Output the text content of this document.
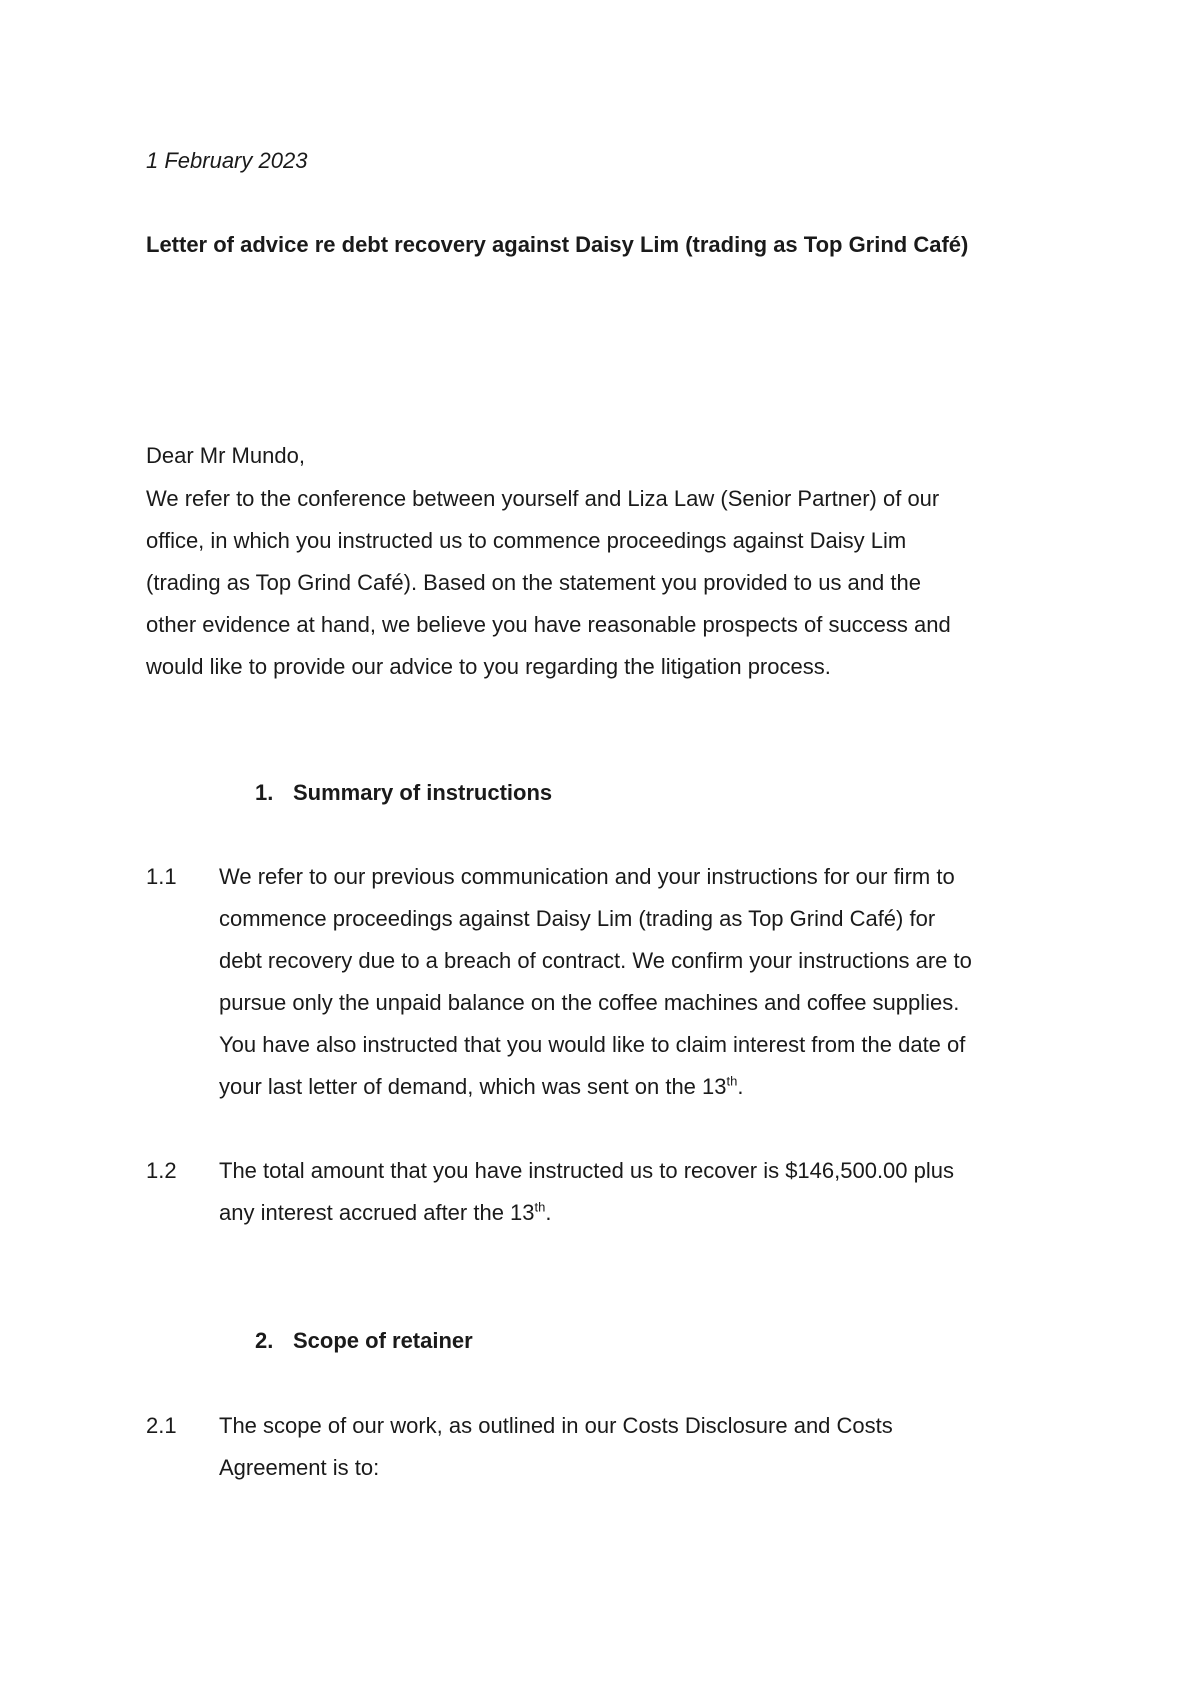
1 February 2023
Letter of advice re debt recovery against Daisy Lim (trading as Top Grind Café)
Dear Mr Mundo,
We refer to the conference between yourself and Liza Law (Senior Partner) of our
office, in which you instructed us to commence proceedings against Daisy Lim
(trading as Top Grind Café). Based on the statement you provided to us and the
other evidence at hand, we believe you have reasonable prospects of success and
would like to provide our advice to you regarding the litigation process.
1. Summary of instructions
1.1	We refer to our previous communication and your instructions for our firm to
commence proceedings against Daisy Lim (trading as Top Grind Café) for
debt recovery due to a breach of contract. We confirm your instructions are to
pursue only the unpaid balance on the coffee machines and coffee supplies.
You have also instructed that you would like to claim interest from the date of
your last letter of demand, which was sent on the 13th.
1.2	The total amount that you have instructed us to recover is $146,500.00 plus
any interest accrued after the 13th.
2. Scope of retainer
2.1	The scope of our work, as outlined in our Costs Disclosure and Costs
Agreement is to:
